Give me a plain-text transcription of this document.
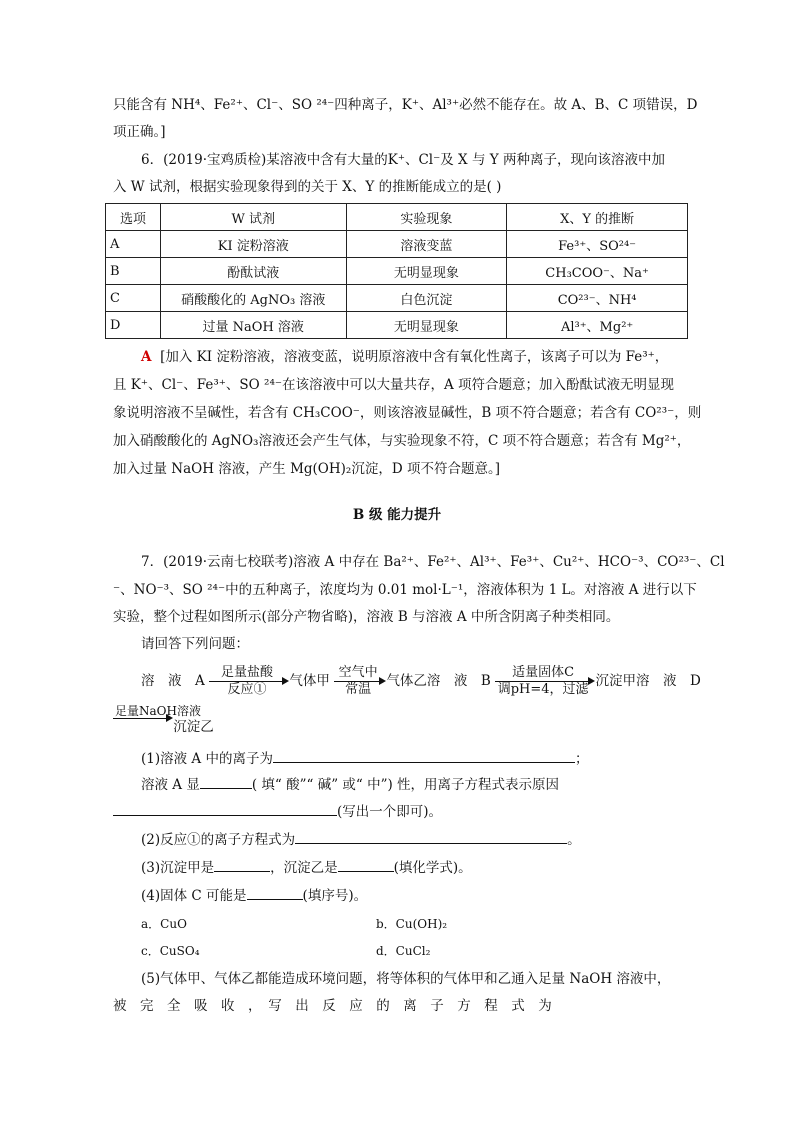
只能含有 NH⁴、Fe²⁺、Cl⁻、SO ²⁴⁻四种离子，K⁺、Al³⁺必然不能存在。故 A、B、C 项错误，D
项正确。]
6．(2019·宝鸡质检)某溶液中含有大量的K⁺、Cl⁻及 X 与 Y 两种离子，现向该溶液中加
入 W 试剂，根据实验现象得到的关于 X、Y 的推断能成立的是( )
选项	W 试剂	实验现象	X、Y 的推断
A	KI 淀粉溶液	溶液变蓝	Fe³⁺、SO²⁴⁻
B	酚酞试液	无明显现象	CH₃COO⁻、Na⁺
C	硝酸酸化的 AgNO₃ 溶液	白色沉淀	CO²³⁻、NH⁴
D	过量 NaOH 溶液	无明显现象	Al³⁺、Mg²⁺
A [加入 KI 淀粉溶液，溶液变蓝，说明原溶液中含有氧化性离子，该离子可以为 Fe³⁺，
且 K⁺、Cl⁻、Fe³⁺、SO ²⁴⁻在该溶液中可以大量共存，A 项符合题意；加入酚酞试液无明显现
象说明溶液不呈碱性，若含有 CH₃COO⁻，则该溶液显碱性，B 项不符合题意；若含有 CO²³⁻，则
加入硝酸酸化的 AgNO₃溶液还会产生气体，与实验现象不符，C 项不符合题意；若含有 Mg²⁺，
加入过量 NaOH 溶液，产生 Mg(OH)₂沉淀，D 项不符合题意。]
B 级 能力提升
7．(2019·云南七校联考)溶液 A 中存在 Ba²⁺、Fe²⁺、Al³⁺、Fe³⁺、Cu²⁺、HCO⁻³、CO²³⁻、Cl
⁻、NO⁻³、SO ²⁴⁻中的五种离子，浓度均为 0.01 mol·L⁻¹，溶液体积为 1 L。对溶液 A 进行以下
实验，整个过程如图所示(部分产物省略)，溶液 B 与溶液 A 中所含阴离子种类相同。
请回答下列问题：
溶　液　A $\frac{\text{足量盐酸}}{\text{反应①}}$ 气体甲 $\frac{\text{空气中}}{\text{常温}}$ 气体乙溶　液　B $\frac{\text{适量固体C}}{\text{调pH=4，过滤}}$ 沉淀甲溶　液　D
足量NaOH溶液
沉淀乙
(1)溶液 A 中的离子为	；
溶液 A 显	( 填“ 酸”“ 碱” 或“ 中”) 性，用离子方程式表示原因
(写出一个即可)。
(2)反应①的离子方程式为	。
(3)沉淀甲是	，沉淀乙是	(填化学式)。
(4)固体 C 可能是	(填序号)。
a．CuO	b．Cu(OH)₂
c．CuSO₄	d．CuCl₂
(5)气体甲、气体乙都能造成环境问题，将等体积的气体甲和乙通入足量 NaOH 溶液中，
被　完　全　吸　收　，　写　出　反　应　的　离　子　方　程　式　为
